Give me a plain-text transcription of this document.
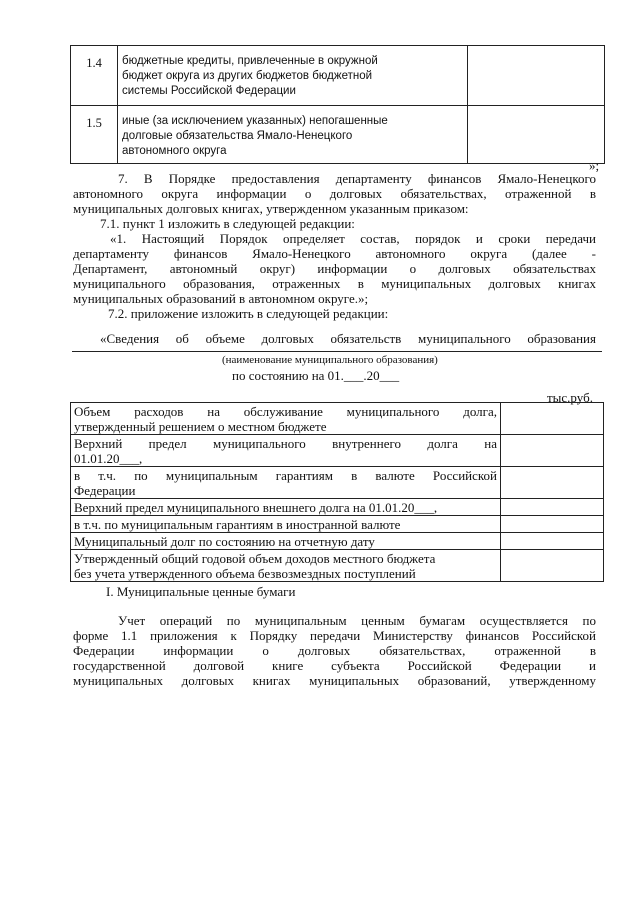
1.4	бюджетные кредиты, привлеченные в окружной
бюджет округа из других бюджетов бюджетной
системы Российской Федерации	

1.5	иные (за исключением указанных) непогашенные
долговые обязательства Ямало-Ненецкого
автономного округа	

»;
7. В Порядке предоставления департаменту финансов Ямало-Ненецкого
автономного округа информации о долговых обязательствах, отраженной в
муниципальных долговых книгах, утвержденном указанным приказом:
7.1. пункт 1 изложить в следующей редакции:
«1. Настоящий Порядок определяет состав, порядок и сроки передачи
департаменту финансов Ямало-Ненецкого автономного округа (далее -
Департамент, автономный округ) информации о долговых обязательствах
муниципального образования, отраженных в муниципальных долговых книгах
муниципальных образований в автономном округе.»;
7.2. приложение изложить в следующей редакции:
«Сведения об объеме долговых обязательств муниципального образования
(наименование муниципального образования)
по состоянию на 01.___.20___
тыс.руб.
Объем расходов на обслуживание муниципального долга,
утвержденный решением о местном бюджете	

Верхний предел муниципального внутреннего долга на
01.01.20___,	

в т.ч. по муниципальным гарантиям в валюте Российской
Федерации	
Верхний предел муниципального внешнего долга на 01.01.20___,	
в т.ч. по муниципальным гарантиям в иностранной валюте	
Муниципальный долг по состоянию на отчетную дату	
Утвержденный общий годовой объем доходов местного бюджета
без учета утвержденного объема безвозмездных поступлений	

I. Муниципальные ценные бумаги
Учет операций по муниципальным ценным бумагам осуществляется по
форме 1.1 приложения к Порядку передачи Министерству финансов Российской
Федерации информации о долговых обязательствах, отраженной в
государственной долговой книге субъекта Российской Федерации и
муниципальных долговых книгах муниципальных образований, утвержденному
